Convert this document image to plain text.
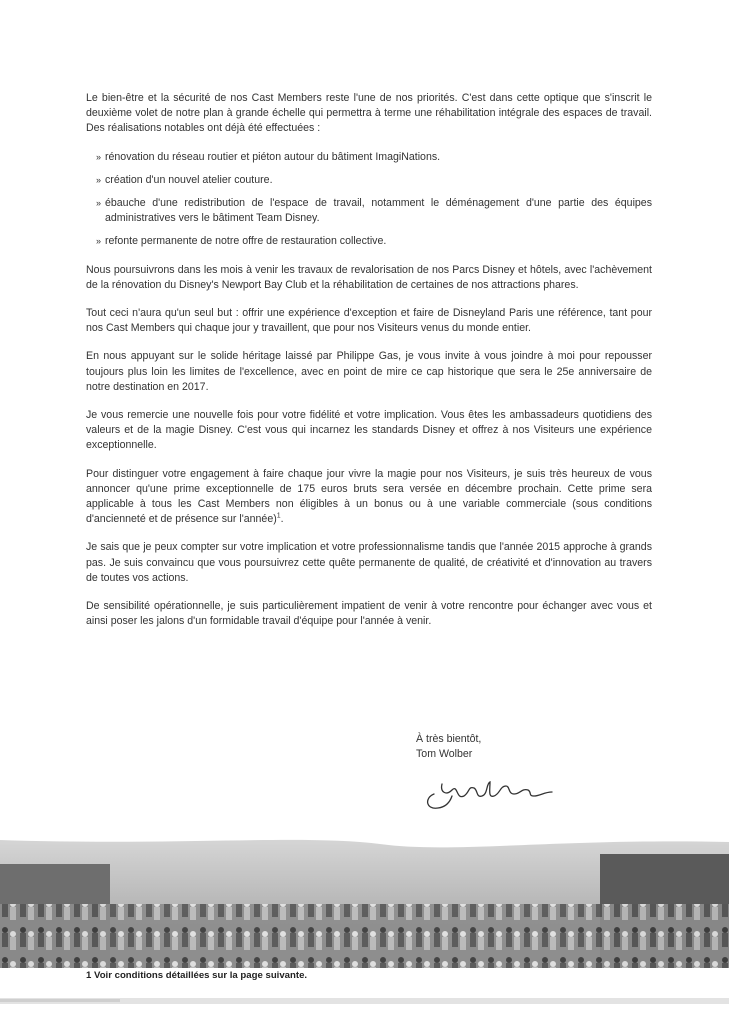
Le bien-être et la sécurité de nos Cast Members reste l'une de nos priorités. C'est dans cette optique que s'inscrit le deuxième volet de notre plan à grande échelle qui permettra à terme une réhabilitation intégrale des espaces de travail. Des réalisations notables ont déjà été effectuées :

» rénovation du réseau routier et piéton autour du bâtiment ImagiNations.
» création d'un nouvel atelier couture.
» ébauche d'une redistribution de l'espace de travail, notamment le déménagement d'une partie des équipes administratives vers le bâtiment Team Disney.
» refonte permanente de notre offre de restauration collective.

Nous poursuivrons dans les mois à venir les travaux de revalorisation de nos Parcs Disney et hôtels, avec l'achèvement de la rénovation du Disney's Newport Bay Club et la réhabilitation de certaines de nos attractions phares.

Tout ceci n'aura qu'un seul but : offrir une expérience d'exception et faire de Disneyland Paris une référence, tant pour nos Cast Members qui chaque jour y travaillent, que pour nos Visiteurs venus du monde entier.

En nous appuyant sur le solide héritage laissé par Philippe Gas, je vous invite à vous joindre à moi pour repousser toujours plus loin les limites de l'excellence, avec en point de mire ce cap historique que sera le 25e anniversaire de notre destination en 2017.

Je vous remercie une nouvelle fois pour votre fidélité et votre implication. Vous êtes les ambassadeurs quotidiens des valeurs et de la magie Disney. C'est vous qui incarnez les standards Disney et offrez à nos Visiteurs une expérience exceptionnelle.

Pour distinguer votre engagement à faire chaque jour vivre la magie pour nos Visiteurs, je suis très heureux de vous annoncer qu'une prime exceptionnelle de 175 euros bruts sera versée en décembre prochain. Cette prime sera applicable à tous les Cast Members non éligibles à un bonus ou à une variable commerciale (sous conditions d'ancienneté et de présence sur l'année)$^1$.

Je sais que je peux compter sur votre implication et votre professionnalisme tandis que l'année 2015 approche à grands pas. Je suis convaincu que vous poursuivrez cette quête permanente de qualité, de créativité et d'innovation au travers de toutes vos actions.

De sensibilité opérationnelle, je suis particulièrement impatient de venir à votre rencontre pour échanger avec vous et ainsi poser les jalons d'un formidable travail d'équipe pour l'année à venir.

À très bientôt,
Tom Wolber
1 Voir conditions détaillées sur la page suivante.
